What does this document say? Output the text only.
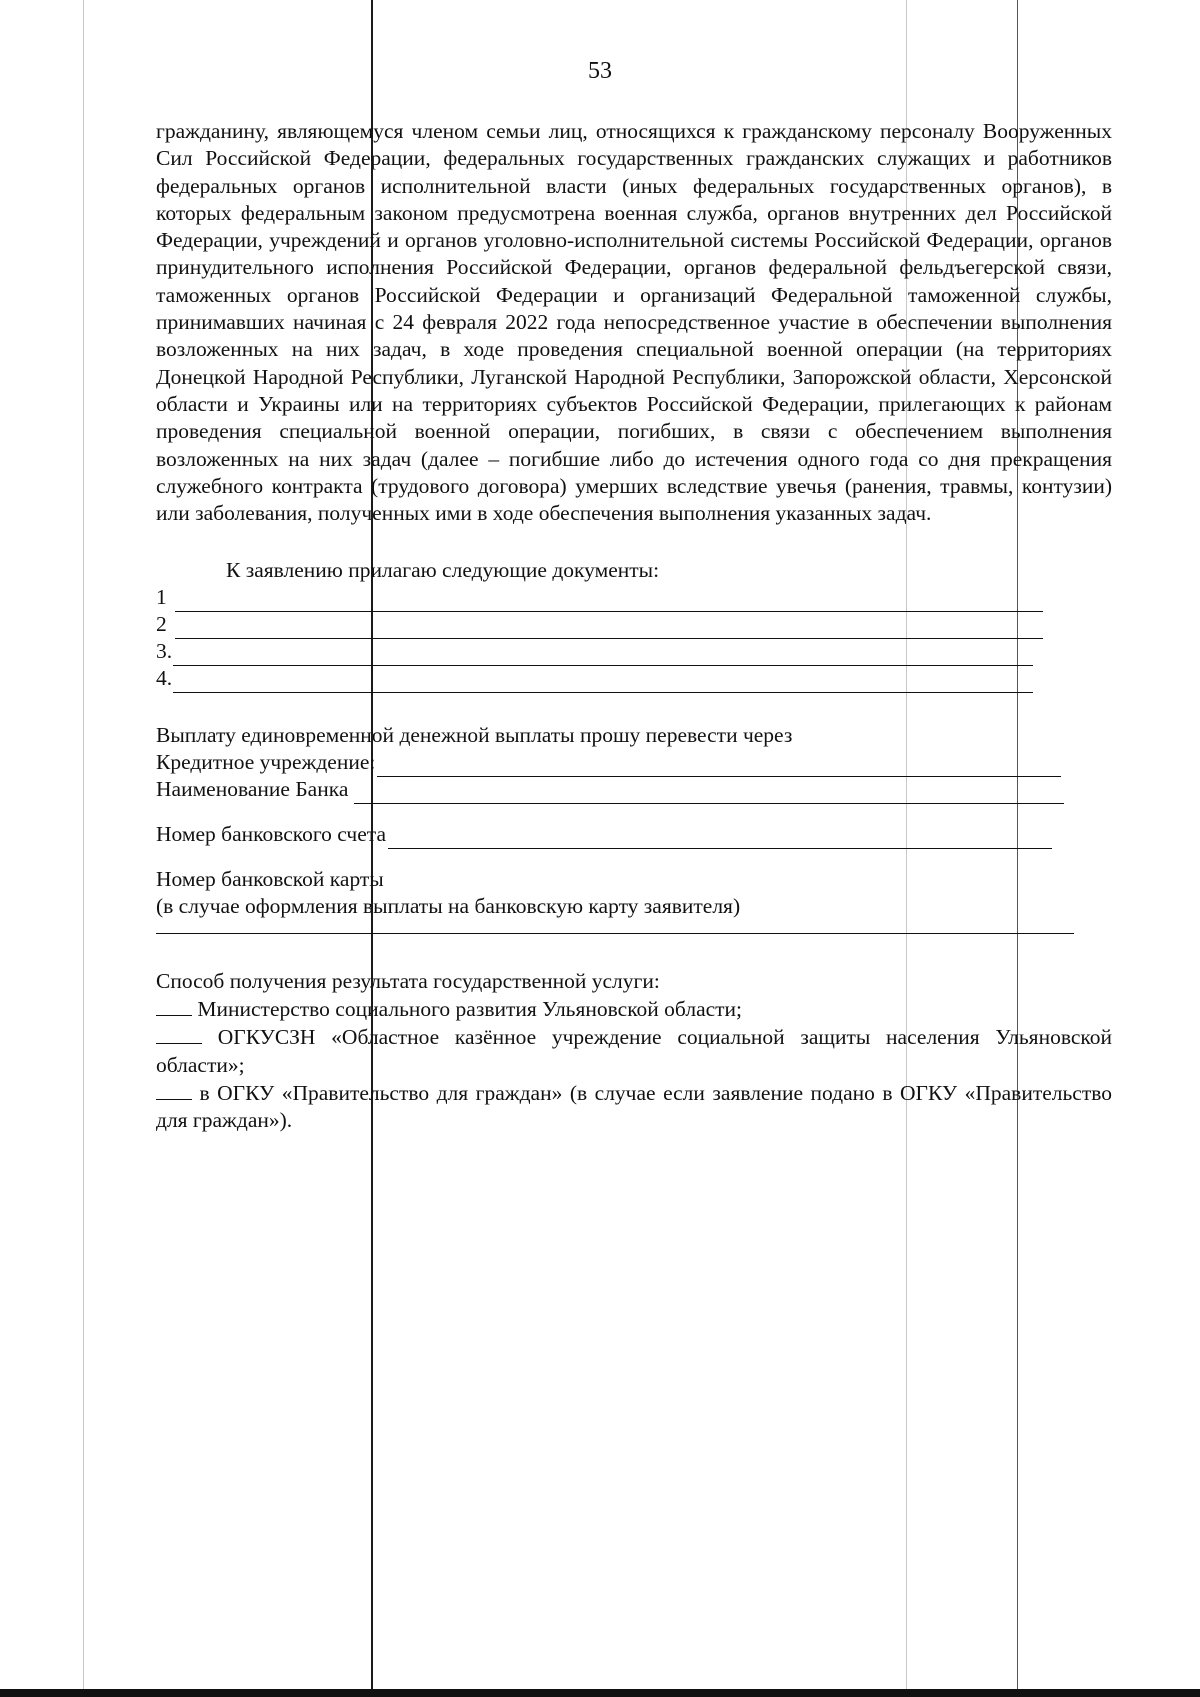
53

гражданину, являющемуся членом семьи лиц, относящихся к гражданскому персоналу Вооруженных Сил Российской Федерации, федеральных государственных гражданских служащих и работников федеральных органов исполнительной власти (иных федеральных государственных органов), в которых федеральным законом предусмотрена военная служба, органов внутренних дел Российской Федерации, учреждений и органов уголовно-исполнительной системы Российской Федерации, органов принудительного исполнения Российской Федерации, органов федеральной фельдъегерской связи, таможенных органов Российской Федерации и организаций Федеральной таможенной службы, принимавших начиная с 24 февраля 2022 года непосредственное участие в обеспечении выполнения возложенных на них задач, в ходе проведения специальной военной операции (на территориях Донецкой Народной Республики, Луганской Народной Республики, Запорожской области, Херсонской области и Украины или на территориях субъектов Российской Федерации, прилегающих к районам проведения специальной военной операции, погибших, в связи с обеспечением выполнения возложенных на них задач (далее – погибшие либо до истечения одного года со дня прекращения служебного контракта (трудового договора) умерших вследствие увечья (ранения, травмы, контузии) или заболевания, полученных ими в ходе обеспечения выполнения указанных задач.

К заявлению прилагаю следующие документы:

1
2
3.
4.
Выплату единовременной денежной выплаты прошу перевести через
Кредитное учреждение:
Наименование Банка
Номер банковского счета
Номер банковской карты
(в случае оформления выплаты на банковскую карту заявителя)

Способ получения результата государственной услуги:

Министерство социального развития Ульяновской области;

ОГКУСЗН «Областное казённое учреждение социальной защиты населения Ульяновской области»;

в ОГКУ «Правительство для граждан» (в случае если заявление подано в ОГКУ «Правительство для граждан»).
